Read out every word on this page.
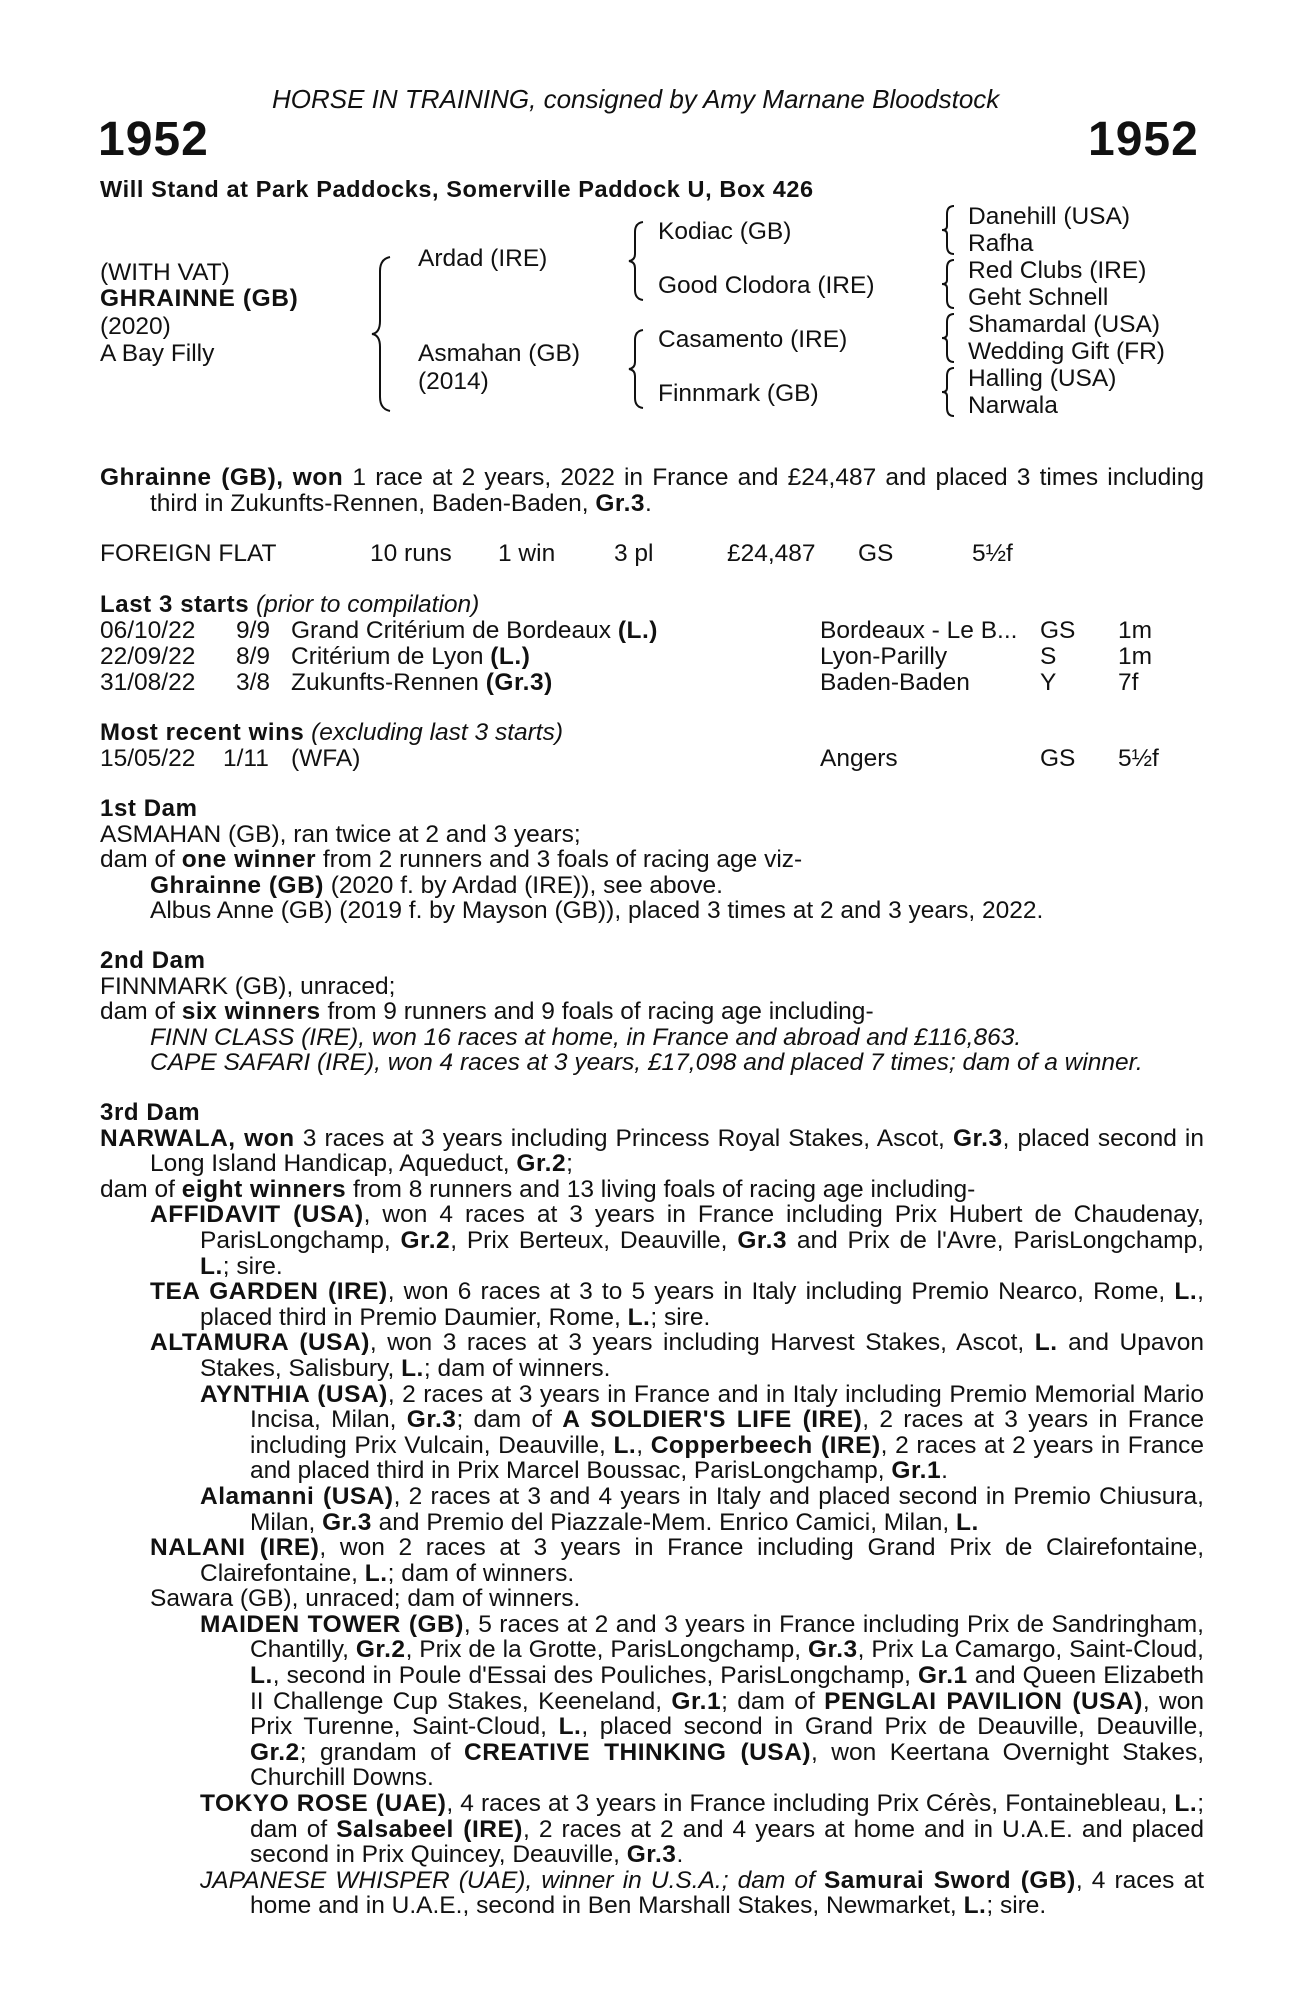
HORSE IN TRAINING, consigned by Amy Marnane Bloodstock
1952	1952
Will Stand at Park Paddocks, Somerville Paddock U, Box 426
(WITH VAT)
GHRAINNE (GB)
(2020)
A Bay Filly
Ardad (IRE)
Asmahan (GB)
(2014)
Kodiac (GB)
Good Clodora (IRE)
Casamento (IRE)
Finnmark (GB)
Danehill (USA)
Rafha
Red Clubs (IRE)
Geht Schnell
Shamardal (USA)
Wedding Gift (FR)
Halling (USA)
Narwala

Ghrainne (GB), won 1 race at 2 years, 2022 in France and £24,487 and placed 3 times including third in Zukunfts-Rennen, Baden-Baden, Gr.3.

FOREIGN FLAT	10 runs 1 win 3 pl	£24,487 GS	5½f
Last 3 starts (prior to compilation)
06/10/22 9/9 Grand Critérium de Bordeaux (L.)	Bordeaux - Le B... GS 1m
22/09/22 8/9 Critérium de Lyon (L.)	Lyon-Parilly	S	1m
31/08/22 3/8 Zukunfts-Rennen (Gr.3)	Baden-Baden	Y	7f
Most recent wins (excluding last 3 starts)
15/05/22 1/11 (WFA)	Angers	GS 5½f

1st Dam

ASMAHAN (GB), ran twice at 2 and 3 years;

dam of one winner from 2 runners and 3 foals of racing age viz-

Ghrainne (GB) (2020 f. by Ardad (IRE)), see above.

Albus Anne (GB) (2019 f. by Mayson (GB)), placed 3 times at 2 and 3 years, 2022.

2nd Dam

FINNMARK (GB), unraced;

dam of six winners from 9 runners and 9 foals of racing age including-

FINN CLASS (IRE), won 16 races at home, in France and abroad and £116,863.

CAPE SAFARI (IRE), won 4 races at 3 years, £17,098 and placed 7 times; dam of a winner.

3rd Dam

NARWALA, won 3 races at 3 years including Princess Royal Stakes, Ascot, Gr.3, placed second in Long Island Handicap, Aqueduct, Gr.2;

dam of eight winners from 8 runners and 13 living foals of racing age including-

AFFIDAVIT (USA), won 4 races at 3 years in France including Prix Hubert de Chaudenay, ParisLongchamp, Gr.2, Prix Berteux, Deauville, Gr.3 and Prix de l'Avre, ParisLongchamp, L.; sire.

TEA GARDEN (IRE), won 6 races at 3 to 5 years in Italy including Premio Nearco, Rome, L., placed third in Premio Daumier, Rome, L.; sire.

ALTAMURA (USA), won 3 races at 3 years including Harvest Stakes, Ascot, L. and Upavon Stakes, Salisbury, L.; dam of winners.

AYNTHIA (USA), 2 races at 3 years in France and in Italy including Premio Memorial Mario Incisa, Milan, Gr.3; dam of A SOLDIER'S LIFE (IRE), 2 races at 3 years in France including Prix Vulcain, Deauville, L., Copperbeech (IRE), 2 races at 2 years in France and placed third in Prix Marcel Boussac, ParisLongchamp, Gr.1.

Alamanni (USA), 2 races at 3 and 4 years in Italy and placed second in Premio Chiusura, Milan, Gr.3 and Premio del Piazzale-Mem. Enrico Camici, Milan, L.

NALANI (IRE), won 2 races at 3 years in France including Grand Prix de Clairefontaine, Clairefontaine, L.; dam of winners.

Sawara (GB), unraced; dam of winners.

MAIDEN TOWER (GB), 5 races at 2 and 3 years in France including Prix de Sandringham, Chantilly, Gr.2, Prix de la Grotte, ParisLongchamp, Gr.3, Prix La Camargo, Saint-Cloud, L., second in Poule d'Essai des Pouliches, ParisLongchamp, Gr.1 and Queen Elizabeth II Challenge Cup Stakes, Keeneland, Gr.1; dam of PENGLAI PAVILION (USA), won Prix Turenne, Saint-Cloud, L., placed second in Grand Prix de Deauville, Deauville, Gr.2; grandam of CREATIVE THINKING (USA), won Keertana Overnight Stakes, Churchill Downs.

TOKYO ROSE (UAE), 4 races at 3 years in France including Prix Cérès, Fontainebleau, L.; dam of Salsabeel (IRE), 2 races at 2 and 4 years at home and in U.A.E. and placed second in Prix Quincey, Deauville, Gr.3.

JAPANESE WHISPER (UAE), winner in U.S.A.; dam of Samurai Sword (GB), 4 races at home and in U.A.E., second in Ben Marshall Stakes, Newmarket, L.; sire.
